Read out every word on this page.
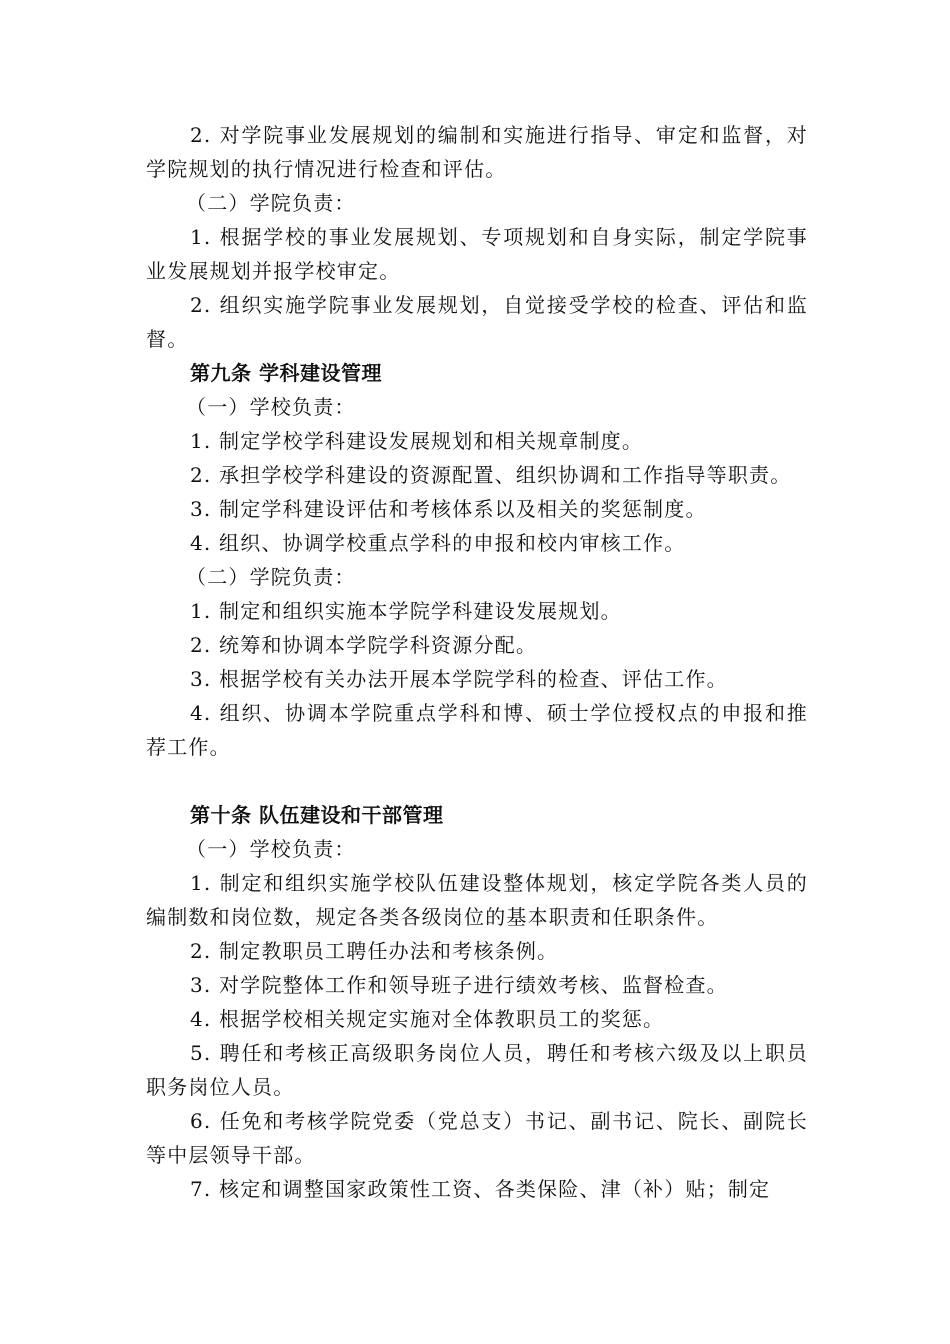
2. 对学院事业发展规划的编制和实施进行指导、审定和监督，对学院规划的执行情况进行检查和评估。

（二）学院负责：

1. 根据学校的事业发展规划、专项规划和自身实际，制定学院事业发展规划并报学校审定。

2. 组织实施学院事业发展规划，自觉接受学校的检查、评估和监督。

第九条 学科建设管理

（一）学校负责：

1. 制定学校学科建设发展规划和相关规章制度。

2. 承担学校学科建设的资源配置、组织协调和工作指导等职责。

3. 制定学科建设评估和考核体系以及相关的奖惩制度。

4. 组织、协调学校重点学科的申报和校内审核工作。

（二）学院负责：

1. 制定和组织实施本学院学科建设发展规划。

2. 统筹和协调本学院学科资源分配。

3. 根据学校有关办法开展本学院学科的检查、评估工作。

4. 组织、协调本学院重点学科和博、硕士学位授权点的申报和推荐工作。

第十条 队伍建设和干部管理

（一）学校负责：

1. 制定和组织实施学校队伍建设整体规划，核定学院各类人员的编制数和岗位数，规定各类各级岗位的基本职责和任职条件。

2. 制定教职员工聘任办法和考核条例。

3. 对学院整体工作和领导班子进行绩效考核、监督检查。

4. 根据学校相关规定实施对全体教职员工的奖惩。

5. 聘任和考核正高级职务岗位人员，聘任和考核六级及以上职员职务岗位人员。

6. 任免和考核学院党委（党总支）书记、副书记、院长、副院长等中层领导干部。

7. 核定和调整国家政策性工资、各类保险、津（补）贴；制定
